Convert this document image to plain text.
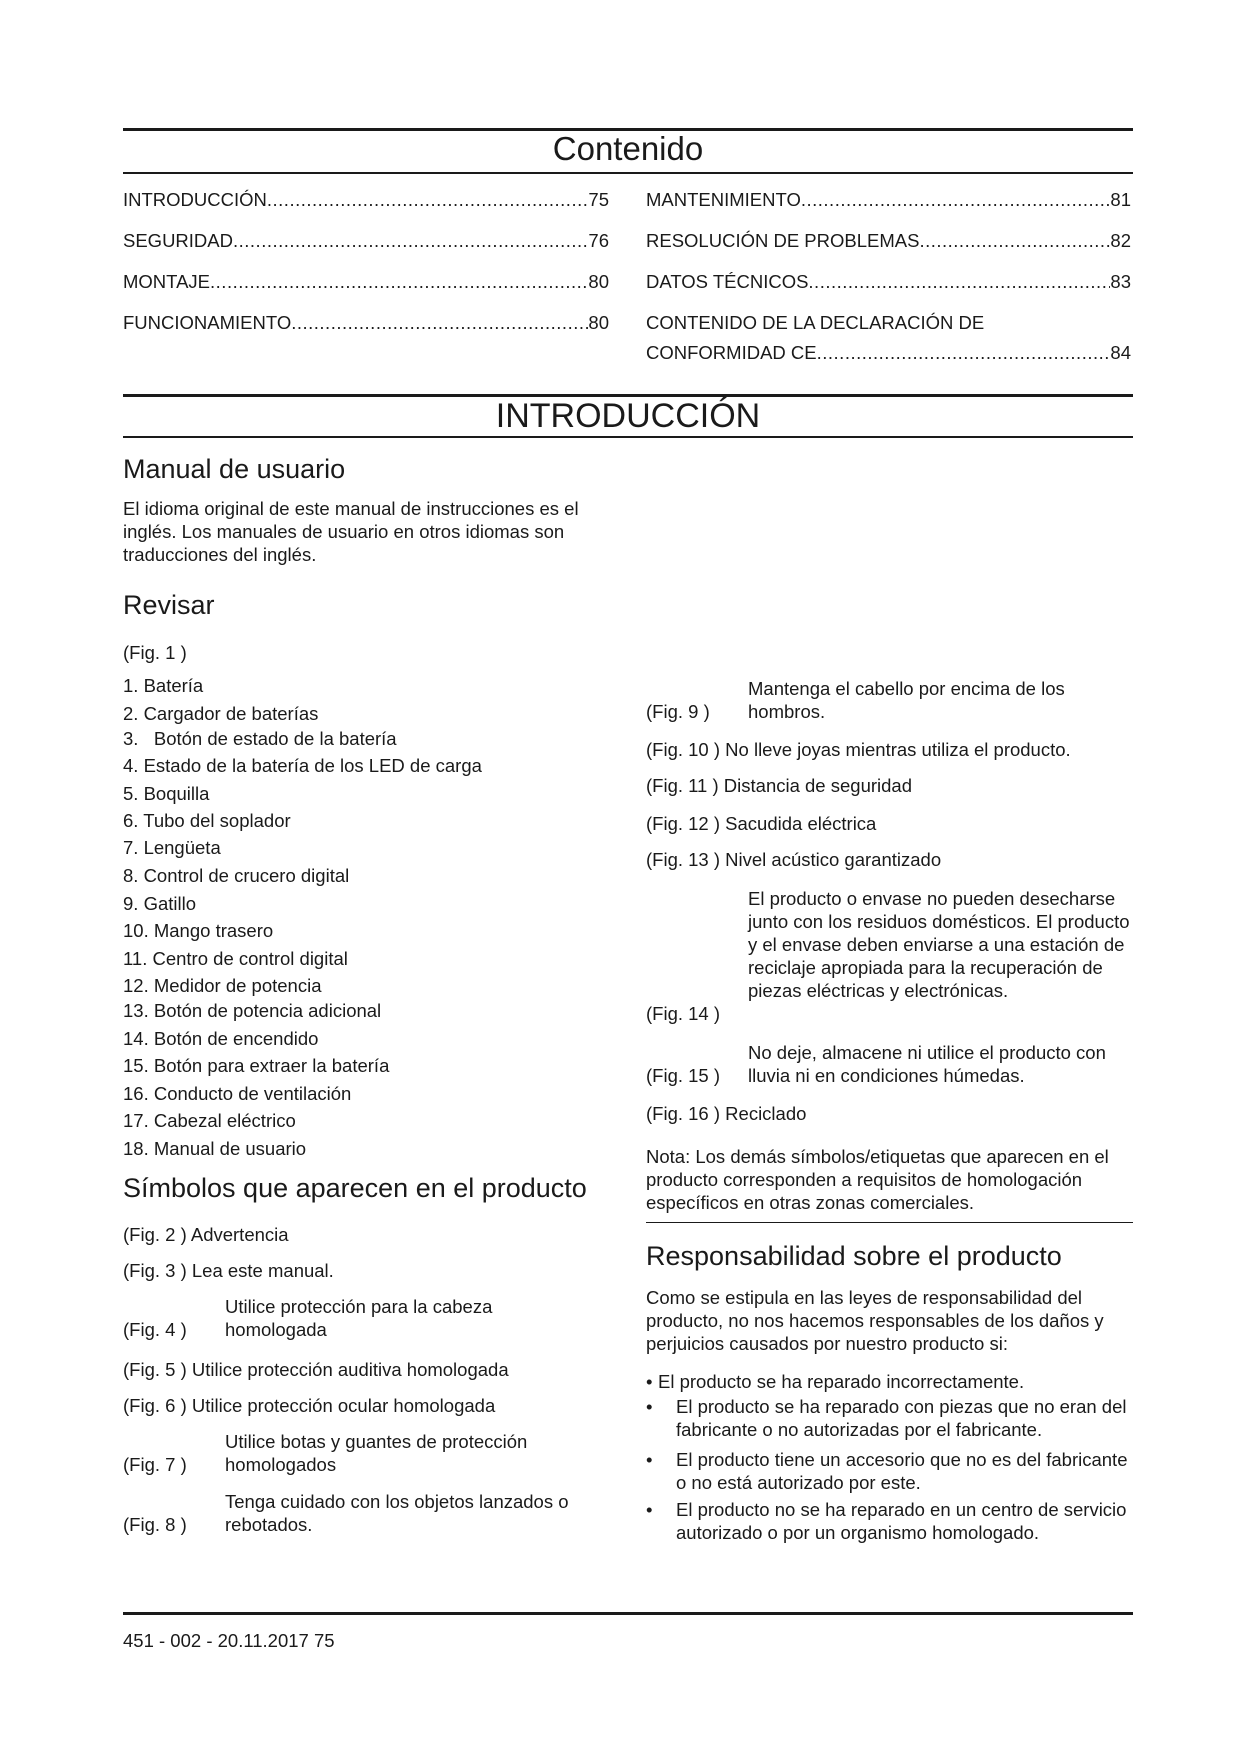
Contenido
INTRODUCCIÓN .....	75
SEGURIDAD .....	76
MONTAJE .....	80
FUNCIONAMIENTO .....	80
MANTENIMIENTO .....	81
RESOLUCIÓN DE PROBLEMAS .....	82
DATOS TÉCNICOS .....	83
CONTENIDO DE LA DECLARACIÓN DE
CONFORMIDAD CE .....	84
INTRODUCCIÓN
Manual de usuario

El idioma original de este manual de instrucciones es el inglés. Los manuales de usuario en otros idiomas son traducciones del inglés.

Revisar
(Fig. 1 )
1. Batería
2. Cargador de baterías
3.   Botón de estado de la batería
4. Estado de la batería de los LED de carga
5. Boquilla
6. Tubo del soplador
7. Lengüeta
8. Control de crucero digital
9. Gatillo
10. Mango trasero
11. Centro de control digital
12. Medidor de potencia
13. Botón de potencia adicional
14. Botón de encendido
15. Botón para extraer la batería
16. Conducto de ventilación
17. Cabezal eléctrico
18. Manual de usuario
Símbolos que aparecen en el producto
(Fig. 2 ) Advertencia
(Fig. 3 ) Lea este manual.
(Fig. 4 )
Utilice protección para la cabeza homologada
(Fig. 5 ) Utilice protección auditiva homologada
(Fig. 6 ) Utilice protección ocular homologada
(Fig. 7 )
Utilice botas y guantes de protección homologados
(Fig. 8 )
Tenga cuidado con los objetos lanzados o rebotados.
(Fig. 9 )
Mantenga el cabello por encima de los hombros.
(Fig. 10 ) No lleve joyas mientras utiliza el producto.
(Fig. 11 ) Distancia de seguridad
(Fig. 12 ) Sacudida eléctrica
(Fig. 13 ) Nivel acústico garantizado
(Fig. 14 )
El producto o envase no pueden desecharse junto con los residuos domésticos. El producto y el envase deben enviarse a una estación de reciclaje apropiada para la recuperación de piezas eléctricas y electrónicas.
(Fig. 15 )
No deje, almacene ni utilice el producto con lluvia ni en condiciones húmedas.
(Fig. 16 ) Reciclado

Nota: Los demás símbolos/etiquetas que aparecen en el producto corresponden a requisitos de homologación específicos en otras zonas comerciales.

Responsabilidad sobre el producto

Como se estipula en las leyes de responsabilidad del producto, no nos hacemos responsables de los daños y perjuicios causados por nuestro producto si:

• El producto se ha reparado incorrectamente.
•	El producto se ha reparado con piezas que no eran del fabricante o no autorizadas por el fabricante.
•	El producto tiene un accesorio que no es del fabricante o no está autorizado por este.
•	El producto no se ha reparado en un centro de servicio autorizado o por un organismo homologado.
451 - 002 - 20.11.2017 75
